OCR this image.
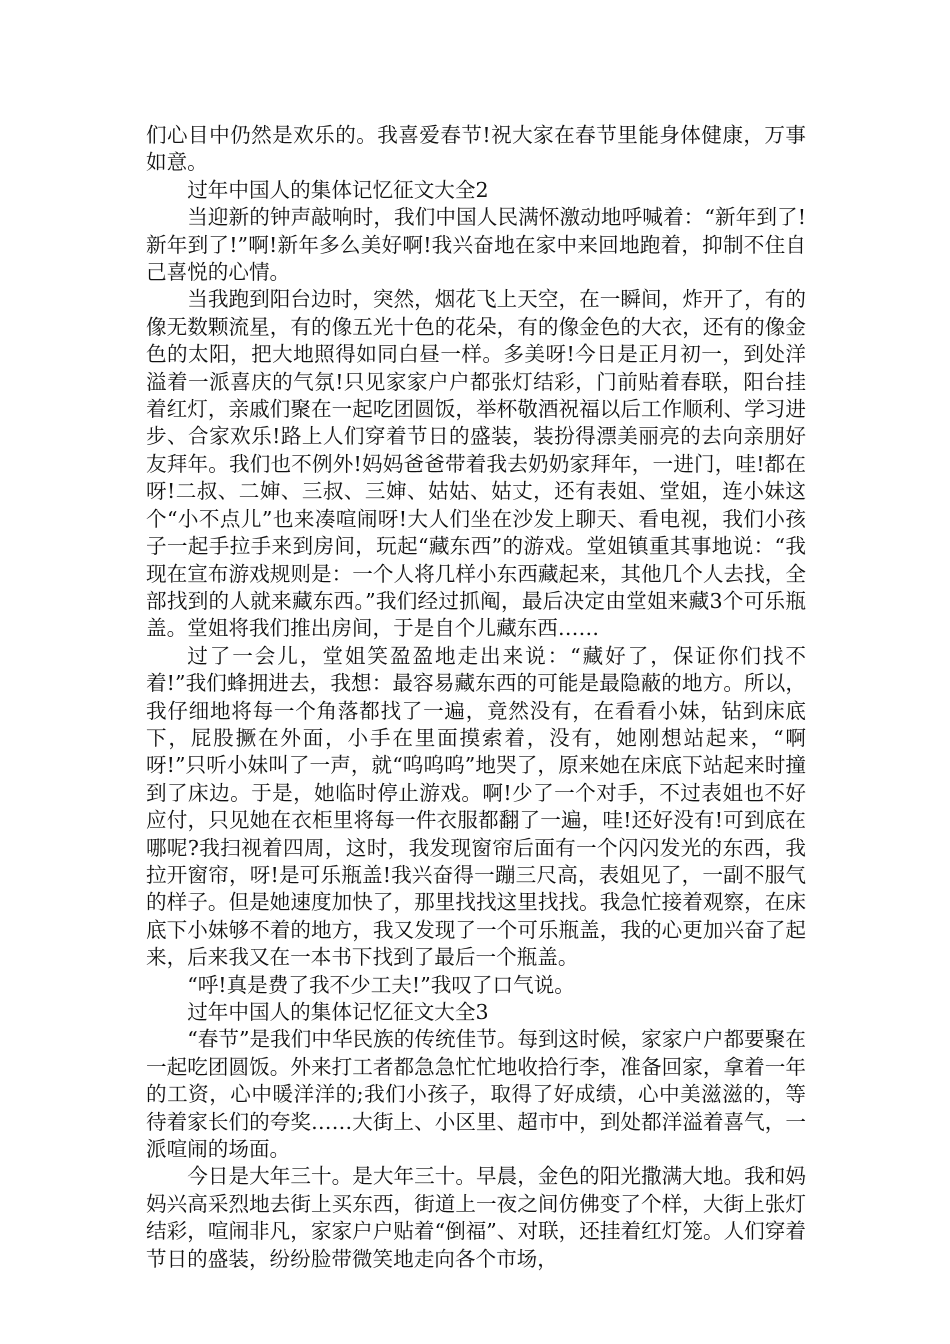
们心目中仍然是欢乐的。我喜爱春节!祝大家在春节里能身体健康，万事如意。

过年中国人的集体记忆征文大全2

当迎新的钟声敲响时，我们中国人民满怀激动地呼喊着：“新年到了!新年到了!”啊!新年多么美好啊!我兴奋地在家中来回地跑着，抑制不住自己喜悦的心情。

当我跑到阳台边时，突然，烟花飞上天空，在一瞬间，炸开了，有的像无数颗流星，有的像五光十色的花朵，有的像金色的大衣，还有的像金色的太阳，把大地照得如同白昼一样。多美呀!今日是正月初一，到处洋溢着一派喜庆的气氛!只见家家户户都张灯结彩，门前贴着春联，阳台挂着红灯，亲戚们聚在一起吃团圆饭，举杯敬酒祝福以后工作顺利、学习进步、合家欢乐!路上人们穿着节日的盛装，装扮得漂美丽亮的去向亲朋好友拜年。我们也不例外!妈妈爸爸带着我去奶奶家拜年，一进门，哇!都在呀!二叔、二婶、三叔、三婶、姑姑、姑丈，还有表姐、堂姐，连小妹这个“小不点儿”也来凑喧闹呀!大人们坐在沙发上聊天、看电视，我们小孩子一起手拉手来到房间，玩起“藏东西”的游戏。堂姐镇重其事地说：“我现在宣布游戏规则是：一个人将几样小东西藏起来，其他几个人去找，全部找到的人就来藏东西。”我们经过抓阄，最后决定由堂姐来藏3个可乐瓶盖。堂姐将我们推出房间，于是自个儿藏东西……

过了一会儿，堂姐笑盈盈地走出来说：“藏好了，保证你们找不着!”我们蜂拥进去，我想：最容易藏东西的可能是最隐蔽的地方。所以，我仔细地将每一个角落都找了一遍，竟然没有，在看看小妹，钻到床底下，屁股撅在外面，小手在里面摸索着，没有，她刚想站起来，“啊呀!”只听小妹叫了一声，就“呜呜呜”地哭了，原来她在床底下站起来时撞到了床边。于是，她临时停止游戏。啊!少了一个对手，不过表姐也不好应付，只见她在衣柜里将每一件衣服都翻了一遍，哇!还好没有!可到底在哪呢?我扫视着四周，这时，我发现窗帘后面有一个闪闪发光的东西，我拉开窗帘，呀!是可乐瓶盖!我兴奋得一蹦三尺高，表姐见了，一副不服气的样子。但是她速度加快了，那里找找这里找找。我急忙接着观察，在床底下小妹够不着的地方，我又发现了一个可乐瓶盖，我的心更加兴奋了起来，后来我又在一本书下找到了最后一个瓶盖。

“呼!真是费了我不少工夫!”我叹了口气说。

过年中国人的集体记忆征文大全3

“春节”是我们中华民族的传统佳节。每到这时候，家家户户都要聚在一起吃团圆饭。外来打工者都急急忙忙地收拾行李，准备回家，拿着一年的工资，心中暖洋洋的;我们小孩子，取得了好成绩，心中美滋滋的，等待着家长们的夸奖……大街上、小区里、超市中，到处都洋溢着喜气，一派喧闹的场面。

今日是大年三十。是大年三十。早晨，金色的阳光撒满大地。我和妈妈兴高采烈地去街上买东西，街道上一夜之间仿佛变了个样，大街上张灯结彩，喧闹非凡，家家户户贴着“倒福”、对联，还挂着红灯笼。人们穿着节日的盛装，纷纷脸带微笑地走向各个市场，
